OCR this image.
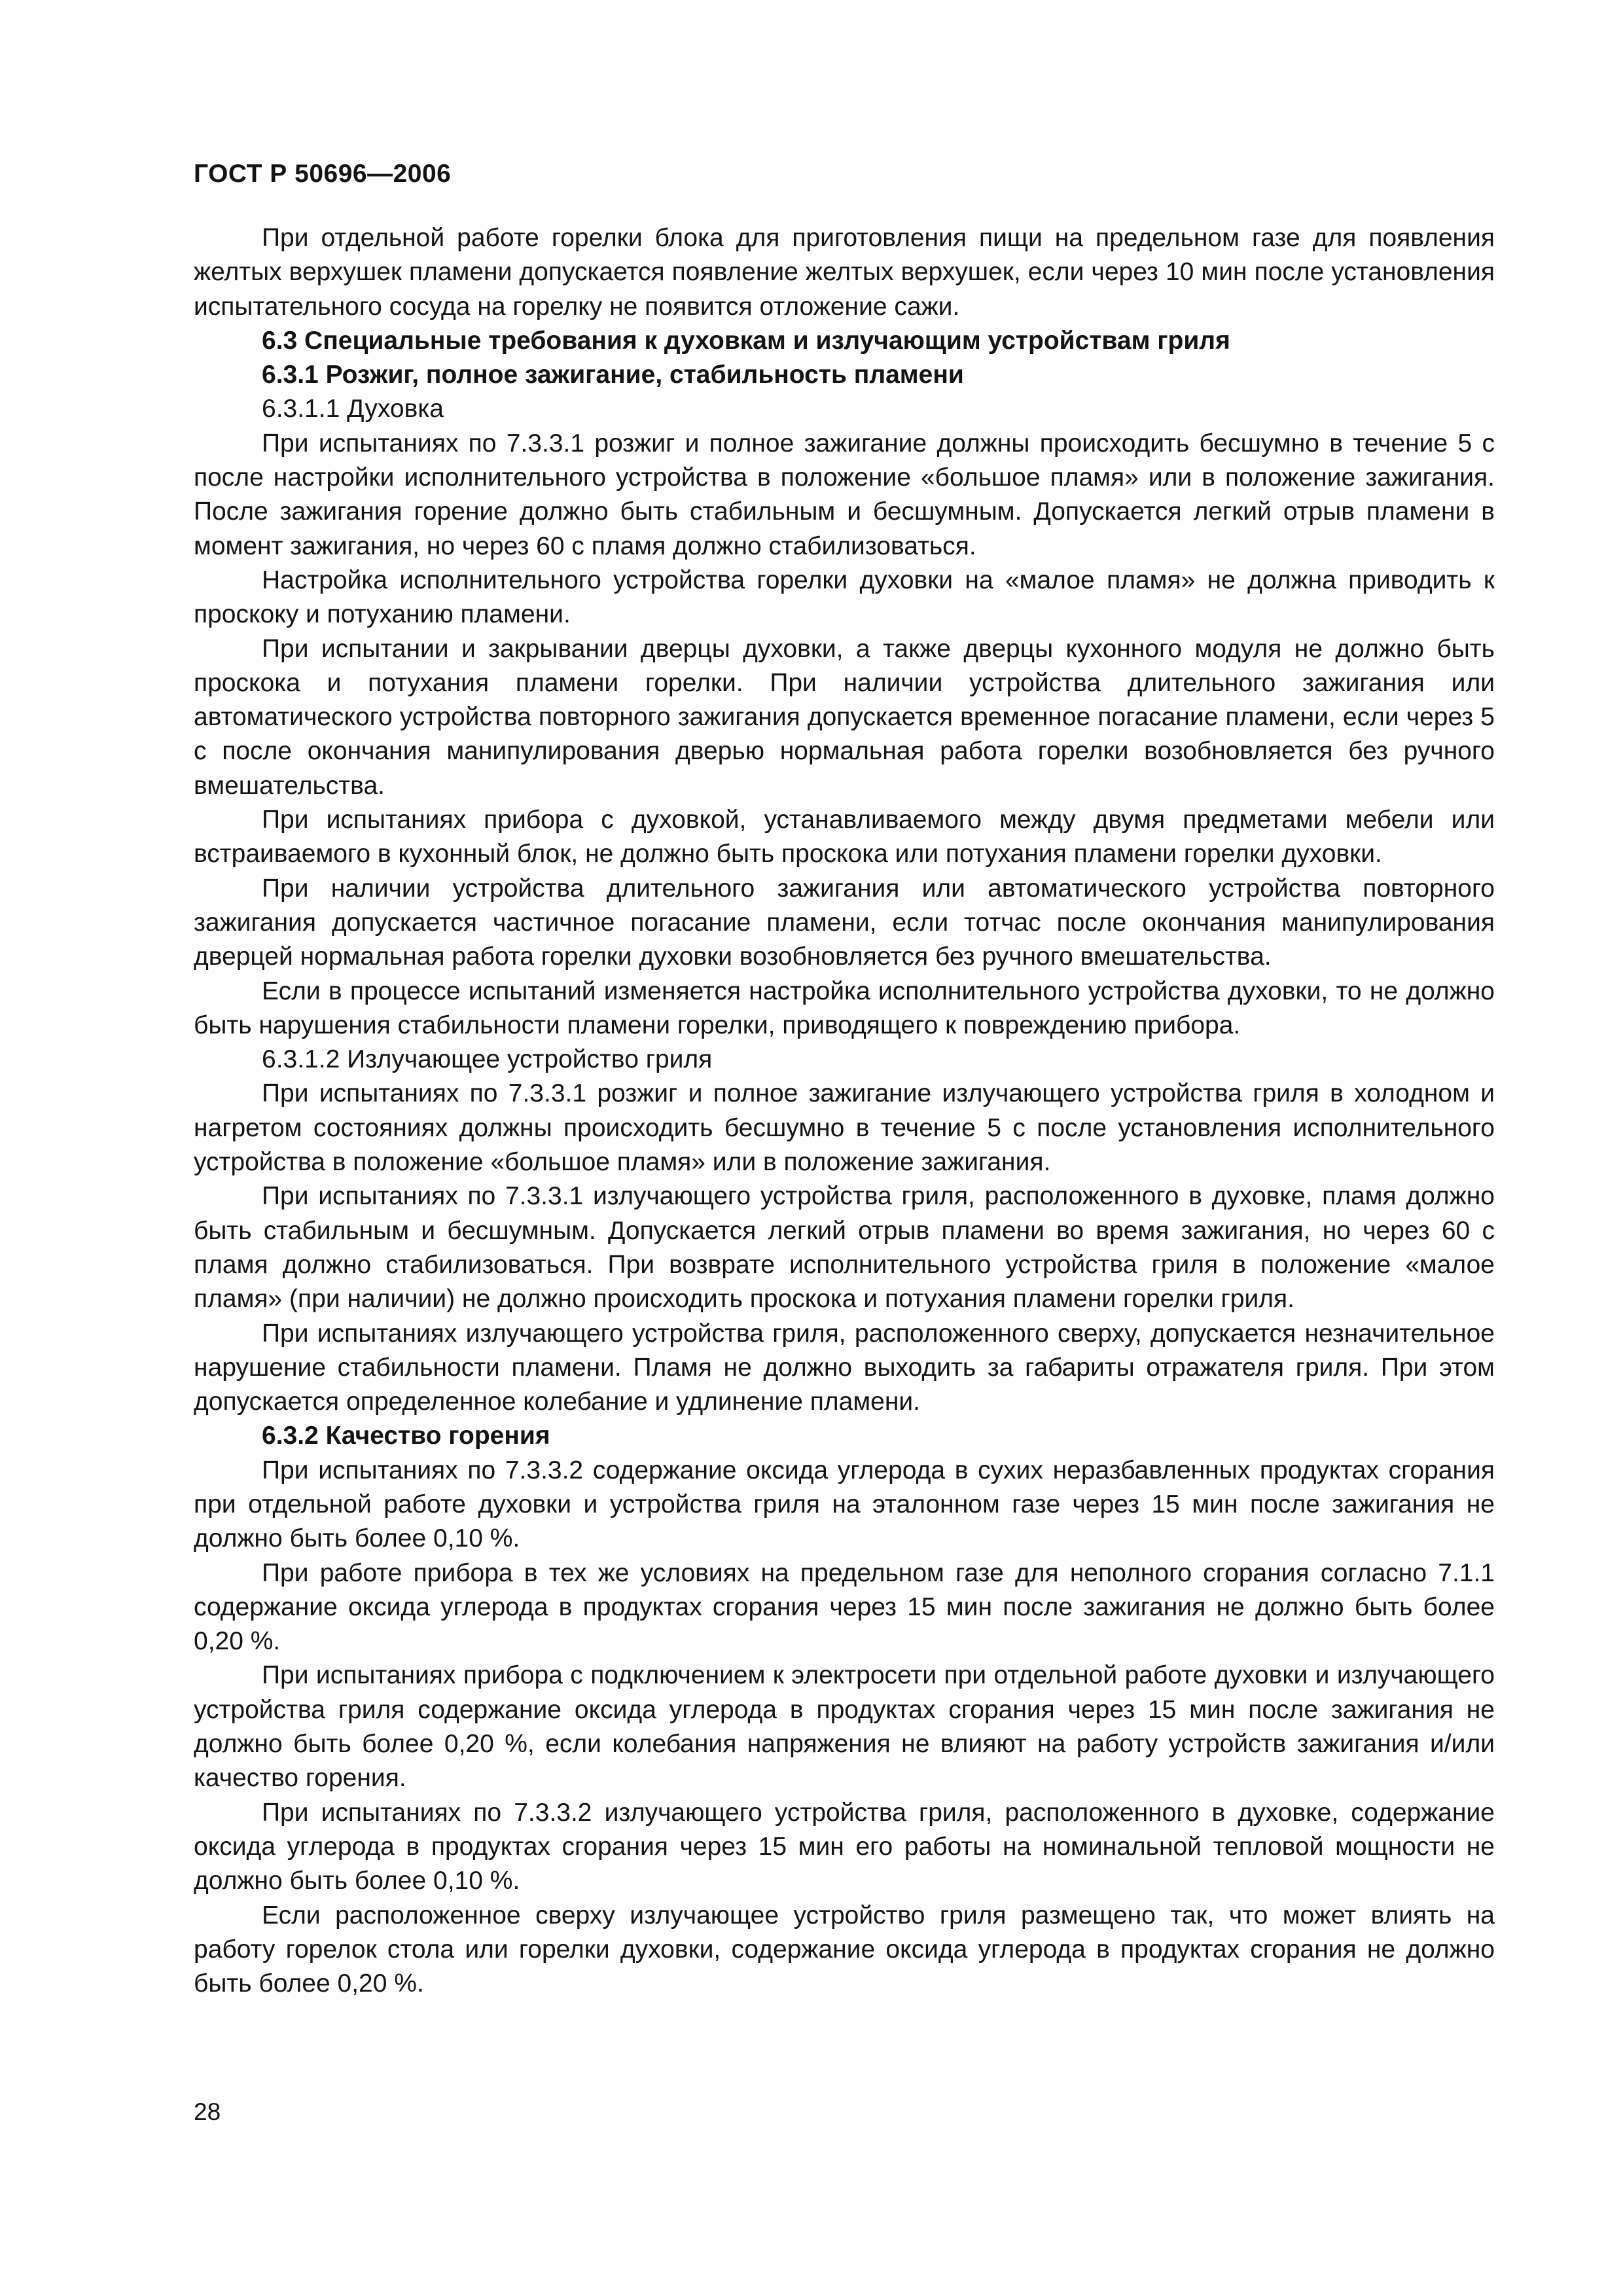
ГОСТ Р 50696—2006

При отдельной работе горелки блока для приготовления пищи на предельном газе для появления желтых верхушек пламени допускается появление желтых верхушек, если через 10 мин после установления испытательного сосуда на горелку не появится отложение сажи.

6.3 Специальные требования к духовкам и излучающим устройствам гриля

6.3.1 Розжиг, полное зажигание, стабильность пламени

6.3.1.1 Духовка

При испытаниях по 7.3.3.1 розжиг и полное зажигание должны происходить бесшумно в течение 5 с после настройки исполнительного устройства в положение «большое пламя» или в положение зажигания. После зажигания горение должно быть стабильным и бесшумным. Допускается легкий отрыв пламени в момент зажигания, но через 60 с пламя должно стабилизоваться.

Настройка исполнительного устройства горелки духовки на «малое пламя» не должна приводить к проскоку и потуханию пламени.

При испытании и закрывании дверцы духовки, а также дверцы кухонного модуля не должно быть проскока и потухания пламени горелки. При наличии устройства длительного зажигания или автоматического устройства повторного зажигания допускается временное погасание пламени, если через 5 с после окончания манипулирования дверью нормальная работа горелки возобновляется без ручного вмешательства.

При испытаниях прибора с духовкой, устанавливаемого между двумя предметами мебели или встраиваемого в кухонный блок, не должно быть проскока или потухания пламени горелки духовки.

При наличии устройства длительного зажигания или автоматического устройства повторного зажигания допускается частичное погасание пламени, если тотчас после окончания манипулирования дверцей нормальная работа горелки духовки возобновляется без ручного вмешательства.

Если в процессе испытаний изменяется настройка исполнительного устройства духовки, то не должно быть нарушения стабильности пламени горелки, приводящего к повреждению прибора.

6.3.1.2 Излучающее устройство гриля

При испытаниях по 7.3.3.1 розжиг и полное зажигание излучающего устройства гриля в холодном и нагретом состояниях должны происходить бесшумно в течение 5 с после установления исполнительного устройства в положение «большое пламя» или в положение зажигания.

При испытаниях по 7.3.3.1 излучающего устройства гриля, расположенного в духовке, пламя должно быть стабильным и бесшумным. Допускается легкий отрыв пламени во время зажигания, но через 60 с пламя должно стабилизоваться. При возврате исполнительного устройства гриля в положение «малое пламя» (при наличии) не должно происходить проскока и потухания пламени горелки гриля.

При испытаниях излучающего устройства гриля, расположенного сверху, допускается незначительное нарушение стабильности пламени. Пламя не должно выходить за габариты отражателя гриля. При этом допускается определенное колебание и удлинение пламени.

6.3.2 Качество горения

При испытаниях по 7.3.3.2 содержание оксида углерода в сухих неразбавленных продуктах сгорания при отдельной работе духовки и устройства гриля на эталонном газе через 15 мин после зажигания не должно быть более 0,10 %.

При работе прибора в тех же условиях на предельном газе для неполного сгорания согласно 7.1.1 содержание оксида углерода в продуктах сгорания через 15 мин после зажигания не должно быть более 0,20 %.

При испытаниях прибора с подключением к электросети при отдельной работе духовки и излучающего устройства гриля содержание оксида углерода в продуктах сгорания через 15 мин после зажигания не должно быть более 0,20 %, если колебания напряжения не влияют на работу устройств зажигания и/или качество горения.

При испытаниях по 7.3.3.2 излучающего устройства гриля, расположенного в духовке, содержание оксида углерода в продуктах сгорания через 15 мин его работы на номинальной тепловой мощности не должно быть более 0,10 %.

Если расположенное сверху излучающее устройство гриля размещено так, что может влиять на работу горелок стола или горелки духовки, содержание оксида углерода в продуктах сгорания не должно быть более 0,20 %.

28
